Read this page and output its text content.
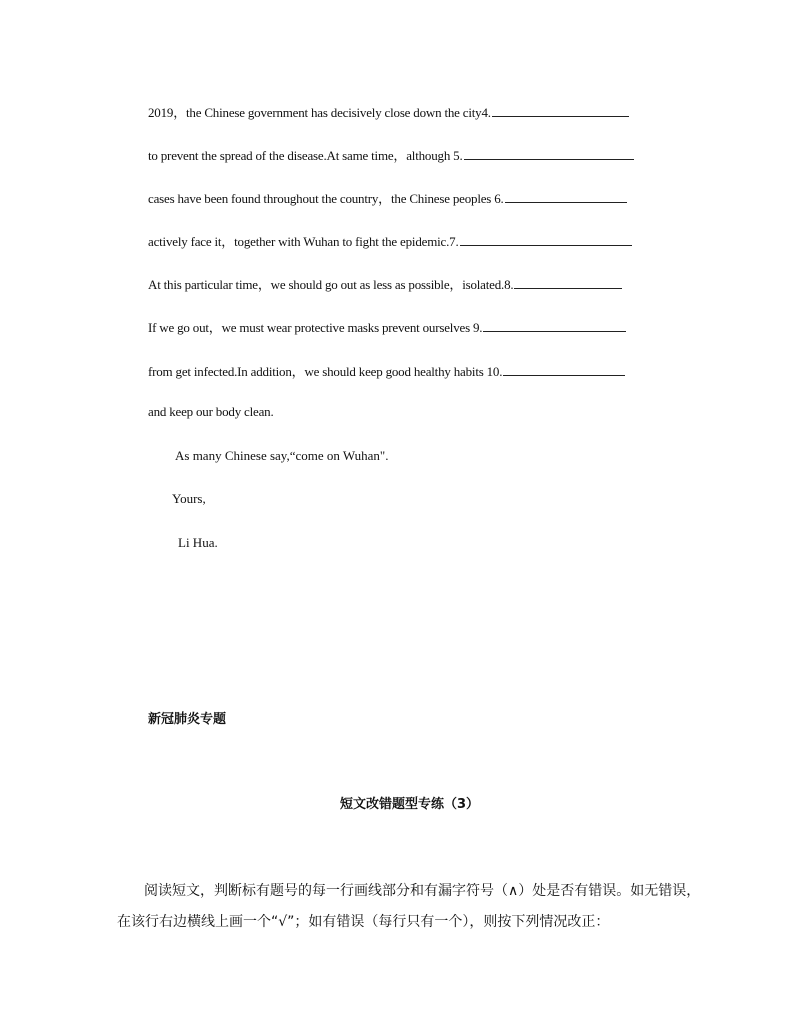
2019，the Chinese government has decisively close down the city4.
to prevent the spread of the disease.At same time，although 5.
cases have been found throughout the country，the Chinese peoples 6.
actively face it，together with Wuhan to fight the epidemic.7.
At this particular time，we should go out as less as possible，isolated.8.
If we go out，we must wear protective masks prevent ourselves 9.
from get infected.In addition，we should keep good healthy habits 10.
and keep our body clean.
As many Chinese say,“come on Wuhan".
Yours,
Li Hua.
新冠肺炎专题
短文改错题型专练（3）
阅读短文，判断标有题号的每一行画线部分和有漏字符号（∧）处是否有错误。如无错误，
在该行右边横线上画一个“√”；如有错误（每行只有一个），则按下列情况改正：
